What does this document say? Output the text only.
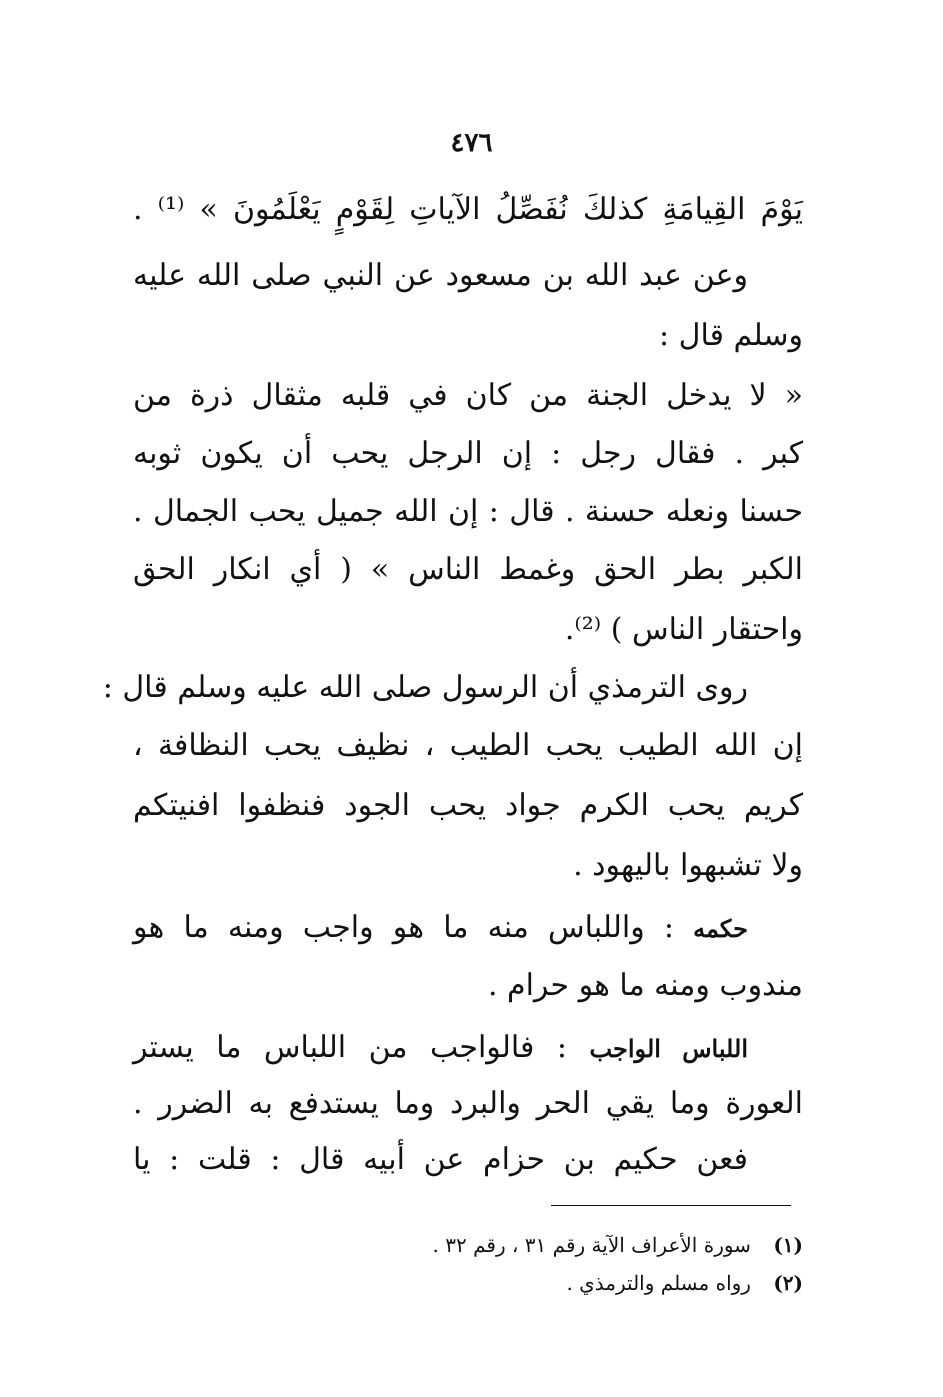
٤٧٦
يَوْمَ القِيامَةِ كذلكَ نُفَصِّلُ الآياتِ لِقَوْمٍ يَعْلَمُونَ » ⁽¹⁾ .
وعن عبد الله بن مسعود عن النبي صلى الله عليه
وسلم قال :
« لا يدخل الجنة من كان في قلبه مثقال ذرة من
كبر . فقال رجل : إن الرجل يحب أن يكون ثوبه
حسنا ونعله حسنة . قال : إن الله جميل يحب الجمال .
الكبر بطر الحق وغمط الناس » ( أي انكار الحق
واحتقار الناس ) ⁽²⁾.
روى الترمذي أن الرسول صلى الله عليه وسلم قال :
إن الله الطيب يحب الطيب ، نظيف يحب النظافة ،
كريم يحب الكرم جواد يحب الجود فنظفوا افنيتكم
ولا تشبهوا باليهود .
حكمه : واللباس منه ما هو واجب ومنه ما هو
مندوب ومنه ما هو حرام .
اللباس الواجب : فالواجب من اللباس ما يستر
العورة وما يقي الحر والبرد وما يستدفع به الضرر .
فعن حكيم بن حزام عن أبيه قال : قلت : يا
(١) سورة الأعراف الآية رقم ٣١ ، رقم ٣٢ .
(٢) رواه مسلم والترمذي .
